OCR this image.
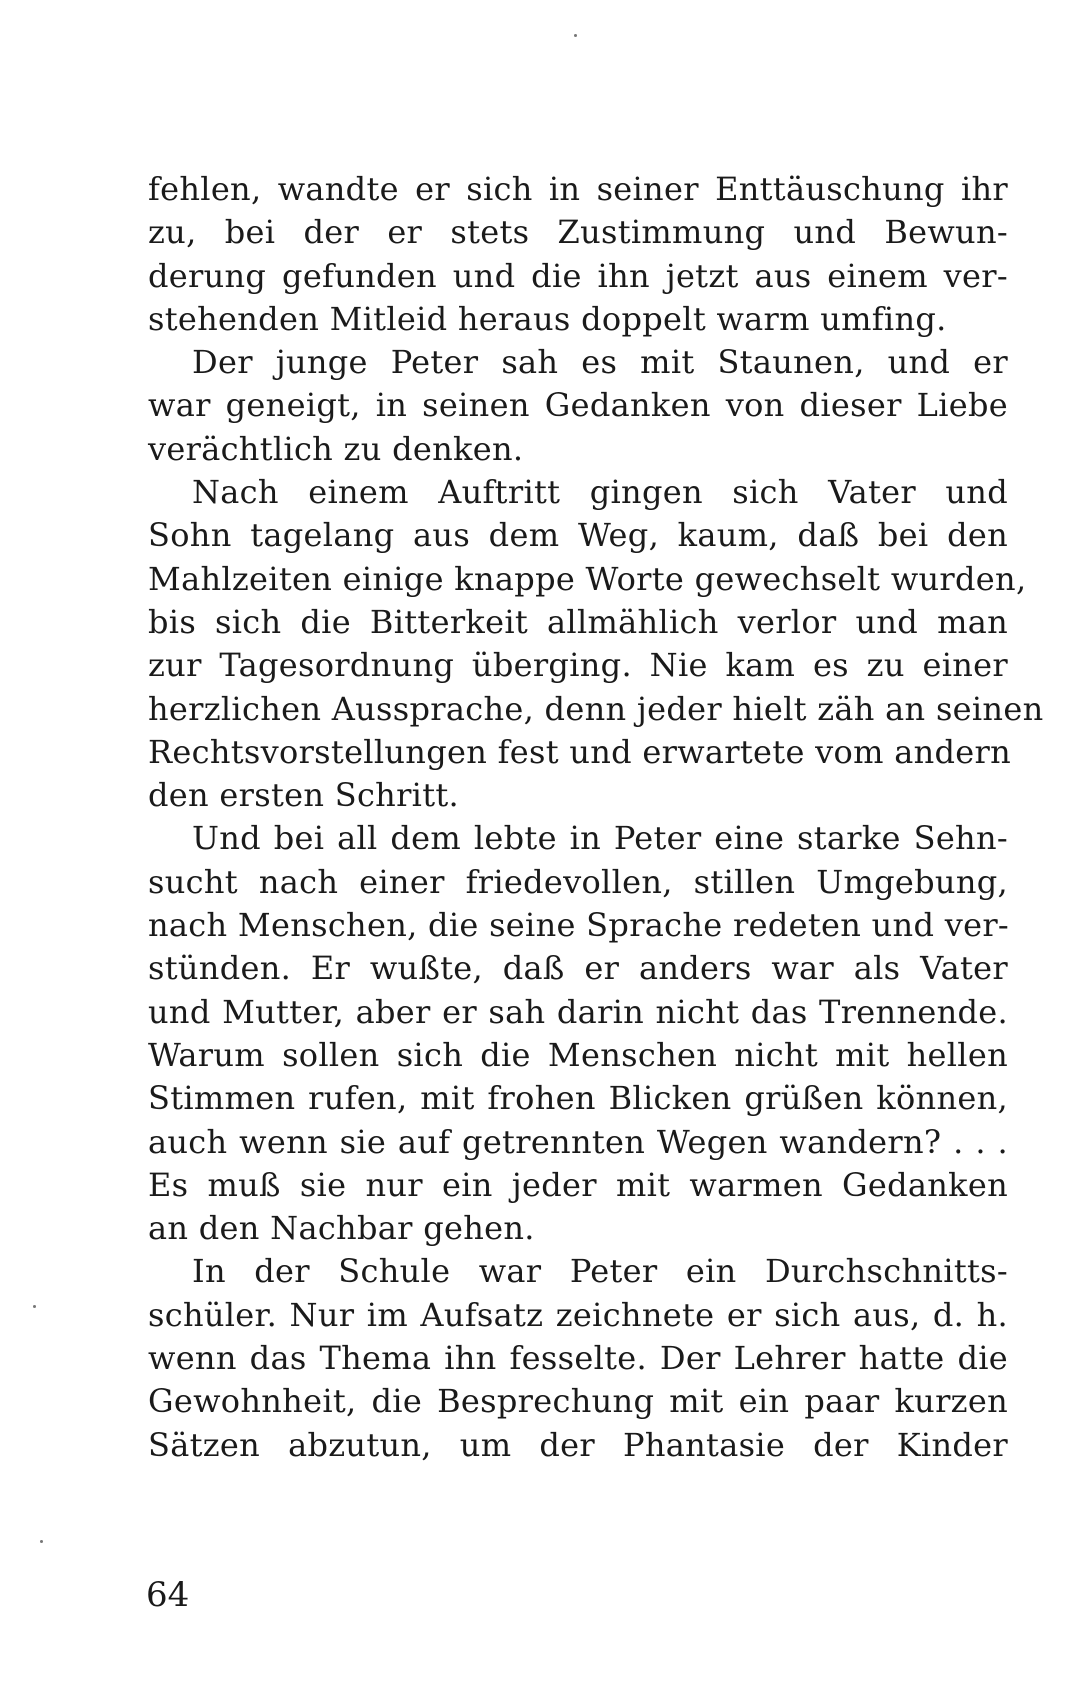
fehlen, wandte er sich in seiner Enttäuschung ihr
zu, bei der er stets Zustimmung und Bewun-
derung gefunden und die ihn jetzt aus einem ver-
stehenden Mitleid heraus doppelt warm umfing.
Der junge Peter sah es mit Staunen, und er
war geneigt, in seinen Gedanken von dieser Liebe
verächtlich zu denken.
Nach einem Auftritt gingen sich Vater und
Sohn tagelang aus dem Weg, kaum, daß bei den
Mahlzeiten einige knappe Worte gewechselt wurden,
bis sich die Bitterkeit allmählich verlor und man
zur Tagesordnung überging. Nie kam es zu einer
herzlichen Aussprache, denn jeder hielt zäh an seinen
Rechtsvorstellungen fest und erwartete vom andern
den ersten Schritt.
Und bei all dem lebte in Peter eine starke Sehn-
sucht nach einer friedevollen, stillen Umgebung,
nach Menschen, die seine Sprache redeten und ver-
stünden. Er wußte, daß er anders war als Vater
und Mutter, aber er sah darin nicht das Trennende.
Warum sollen sich die Menschen nicht mit hellen
Stimmen rufen, mit frohen Blicken grüßen können,
auch wenn sie auf getrennten Wegen wandern? . . .
Es muß sie nur ein jeder mit warmen Gedanken
an den Nachbar gehen.
In der Schule war Peter ein Durchschnitts-
schüler. Nur im Aufsatz zeichnete er sich aus, d. h.
wenn das Thema ihn fesselte. Der Lehrer hatte die
Gewohnheit, die Besprechung mit ein paar kurzen
Sätzen abzutun, um der Phantasie der Kinder
64
